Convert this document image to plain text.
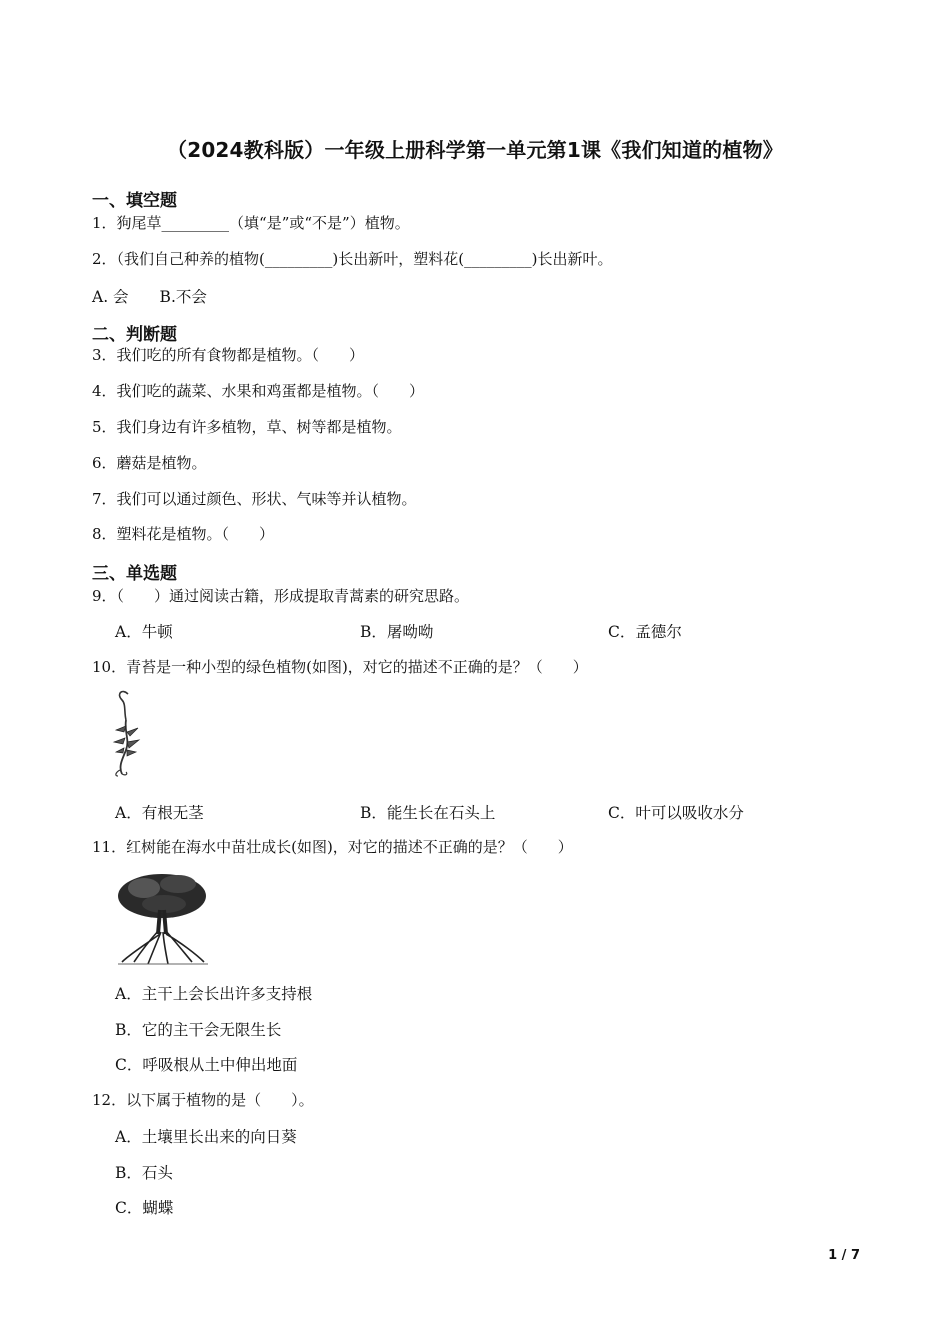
（2024教科版）一年级上册科学第一单元第1课《我们知道的植物》
一、填空题
1．狗尾草_________（填“是”或“不是”）植物。
2．（我们自己种养的植物(_________)长出新叶，塑料花(_________)长出新叶。
A. 会　　B.不会
二、判断题
3．我们吃的所有食物都是植物。（　　）
4．我们吃的蔬菜、水果和鸡蛋都是植物。（　　）
5．我们身边有许多植物，草、树等都是植物。
6．蘑菇是植物。
7．我们可以通过颜色、形状、气味等并认植物。
8．塑料花是植物。（　　）
三、单选题
9．（　　）通过阅读古籍，形成提取青蒿素的研究思路。
A．牛顿	B．屠呦呦	C．孟德尔
10．青苔是一种小型的绿色植物(如图)，对它的描述不正确的是？（　　）
A．有根无茎	B．能生长在石头上	C．叶可以吸收水分
11．红树能在海水中苗壮成长(如图)，对它的描述不正确的是？（　　）
A．主干上会长出许多支持根
B．它的主干会无限生长
C．呼吸根从土中伸出地面
12．以下属于植物的是（　　）。
A．土壤里长出来的向日葵
B．石头
C．蝴蝶
1 / 7
